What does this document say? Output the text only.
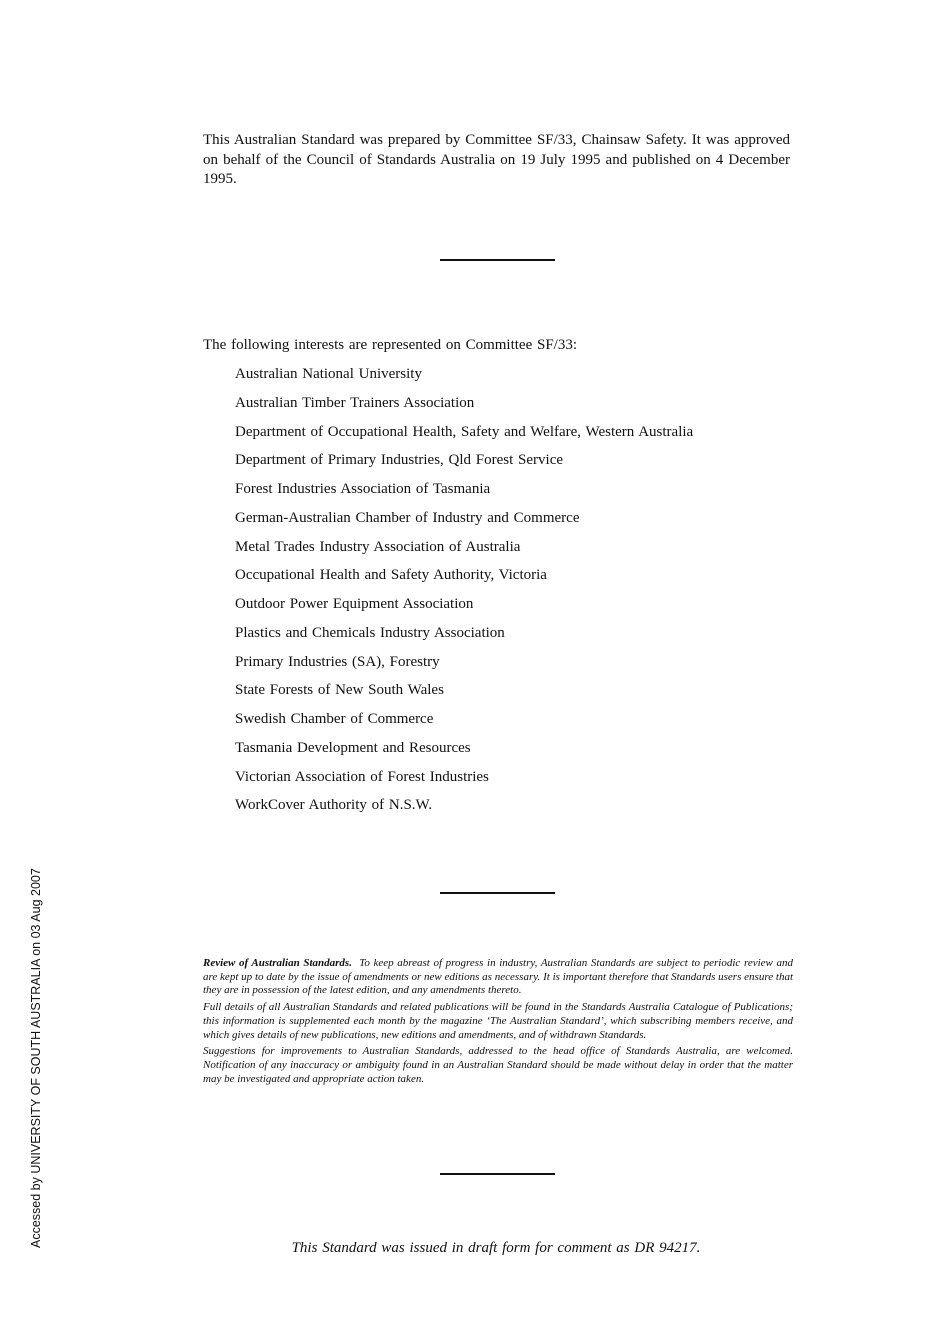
This Australian Standard was prepared by Committee SF/33, Chainsaw Safety. It was approved on behalf of the Council of Standards Australia on 19 July 1995 and published on 4 December 1995.

The following interests are represented on Committee SF/33:

Australian National University
Australian Timber Trainers Association
Department of Occupational Health, Safety and Welfare, Western Australia
Department of Primary Industries, Qld Forest Service
Forest Industries Association of Tasmania
German-Australian Chamber of Industry and Commerce
Metal Trades Industry Association of Australia
Occupational Health and Safety Authority, Victoria
Outdoor Power Equipment Association
Plastics and Chemicals Industry Association
Primary Industries (SA), Forestry
State Forests of New South Wales
Swedish Chamber of Commerce
Tasmania Development and Resources
Victorian Association of Forest Industries
WorkCover Authority of N.S.W.

Review of Australian Standards. To keep abreast of progress in industry, Australian Standards are subject to periodic review and are kept up to date by the issue of amendments or new editions as necessary. It is important therefore that Standards users ensure that they are in possession of the latest edition, and any amendments thereto.

Full details of all Australian Standards and related publications will be found in the Standards Australia Catalogue of Publications; this information is supplemented each month by the magazine ‘The Australian Standard’, which subscribing members receive, and which gives details of new publications, new editions and amendments, and of withdrawn Standards.

Suggestions for improvements to Australian Standards, addressed to the head office of Standards Australia, are welcomed. Notification of any inaccuracy or ambiguity found in an Australian Standard should be made without delay in order that the matter may be investigated and appropriate action taken.

This Standard was issued in draft form for comment as DR 94217.

Accessed by UNIVERSITY OF SOUTH AUSTRALIA on 03 Aug 2007
